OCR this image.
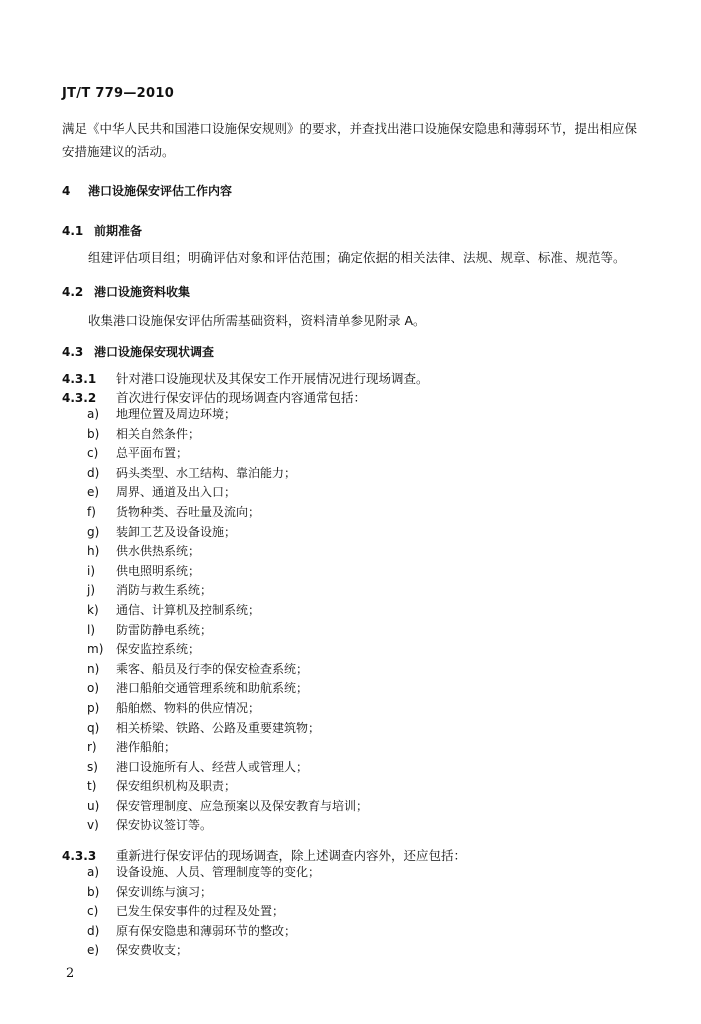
JT/T 779—2010
满足《中华人民共和国港口设施保安规则》的要求，并查找出港口设施保安隐患和薄弱环节，提出相应保
安措施建议的活动。
4 港口设施保安评估工作内容
4.1 前期准备
组建评估项目组；明确评估对象和评估范围；确定依据的相关法律、法规、规章、标准、规范等。
4.2 港口设施资料收集
收集港口设施保安评估所需基础资料，资料清单参见附录 A。
4.3 港口设施保安现状调查
4.3.1 针对港口设施现状及其保安工作开展情况进行现场调查。
4.3.2 首次进行保安评估的现场调查内容通常包括：
a) 地理位置及周边环境；
b) 相关自然条件；
c) 总平面布置；
d) 码头类型、水工结构、靠泊能力；
e) 周界、通道及出入口；
f) 货物种类、吞吐量及流向；
g) 装卸工艺及设备设施；
h) 供水供热系统；
i) 供电照明系统；
j) 消防与救生系统；
k) 通信、计算机及控制系统；
l) 防雷防静电系统；
m) 保安监控系统；
n) 乘客、船员及行李的保安检查系统；
o) 港口船舶交通管理系统和助航系统；
p) 船舶燃、物料的供应情况；
q) 相关桥梁、铁路、公路及重要建筑物；
r) 港作船舶；
s) 港口设施所有人、经营人或管理人；
t) 保安组织机构及职责；
u) 保安管理制度、应急预案以及保安教育与培训；
v) 保安协议签订等。
4.3.3 重新进行保安评估的现场调查，除上述调查内容外，还应包括：
a) 设备设施、人员、管理制度等的变化；
b) 保安训练与演习；
c) 已发生保安事件的过程及处置；
d) 原有保安隐患和薄弱环节的整改；
e) 保安费收支；
2
